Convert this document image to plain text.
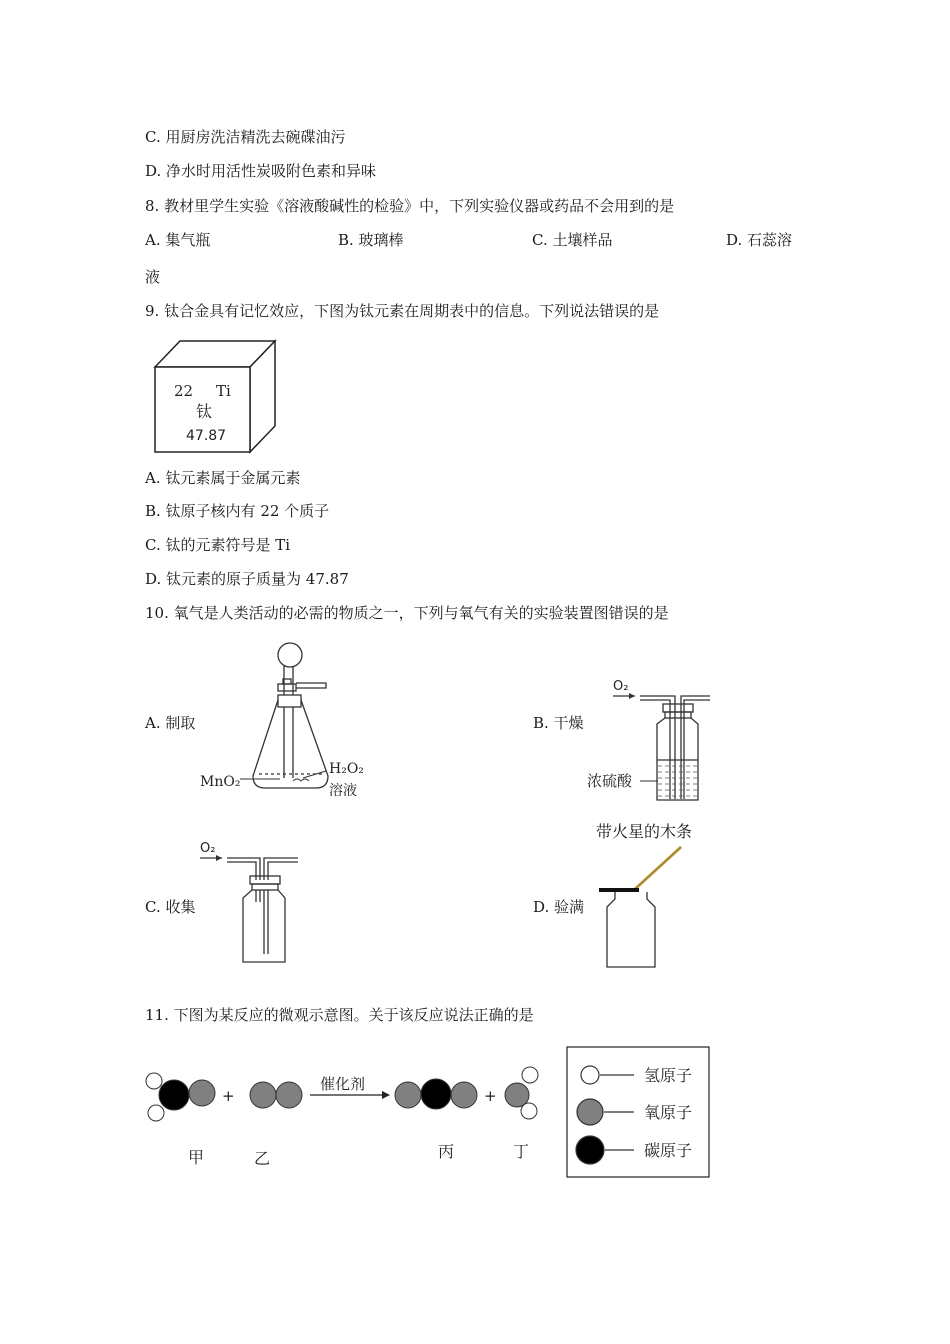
C. 用厨房洗洁精洗去碗碟油污
D. 净水时用活性炭吸附色素和异味
8. 教材里学生实验《溶液酸碱性的检验》中，下列实验仪器或药品不会用到的是
A. 集气瓶	B. 玻璃棒	C. 土壤样品	D. 石蕊溶
液
9. 钛合金具有记忆效应，下图为钛元素在周期表中的信息。下列说法错误的是
22 Ti
钛
47.87
A. 钛元素属于金属元素
B. 钛原子核内有 22 个质子
C. 钛的元素符号是 Ti
D. 钛元素的原子质量为 47.87
10. 氧气是人类活动的必需的物质之一，下列与氧气有关的实验装置图错误的是
A. 制取	B. 干燥
C. 收集	D. 验满
MnO₂
H₂O₂
溶液
O₂
浓硫酸
O₂
带火星的木条
11. 下图为某反应的微观示意图。关于该反应说法正确的是
+
催化剂
+
甲	乙	丙	丁
氢原子
氧原子
碳原子
